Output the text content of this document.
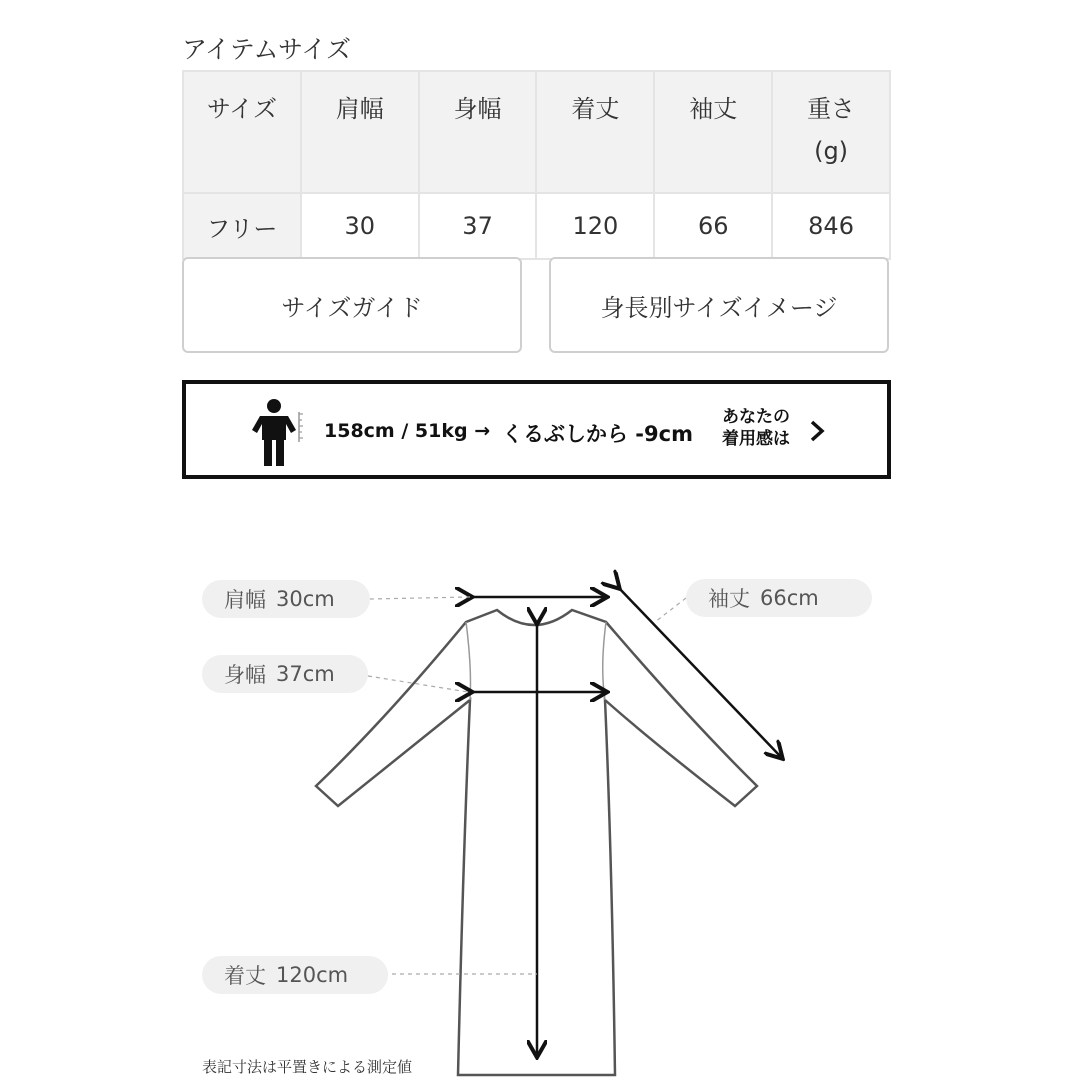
アイテムサイズ
サイズ	肩幅	身幅	着丈	袖丈	重さ
(g)
フリー	30	37	120	66	846
サイズガイド	身長別サイズイメージ
158cm / 51kg → くるぶしから -9cm
あなたの
着用感は
肩幅 30cm
身幅 37cm
袖丈 66cm
着丈 120cm
表記寸法は平置きによる測定値
